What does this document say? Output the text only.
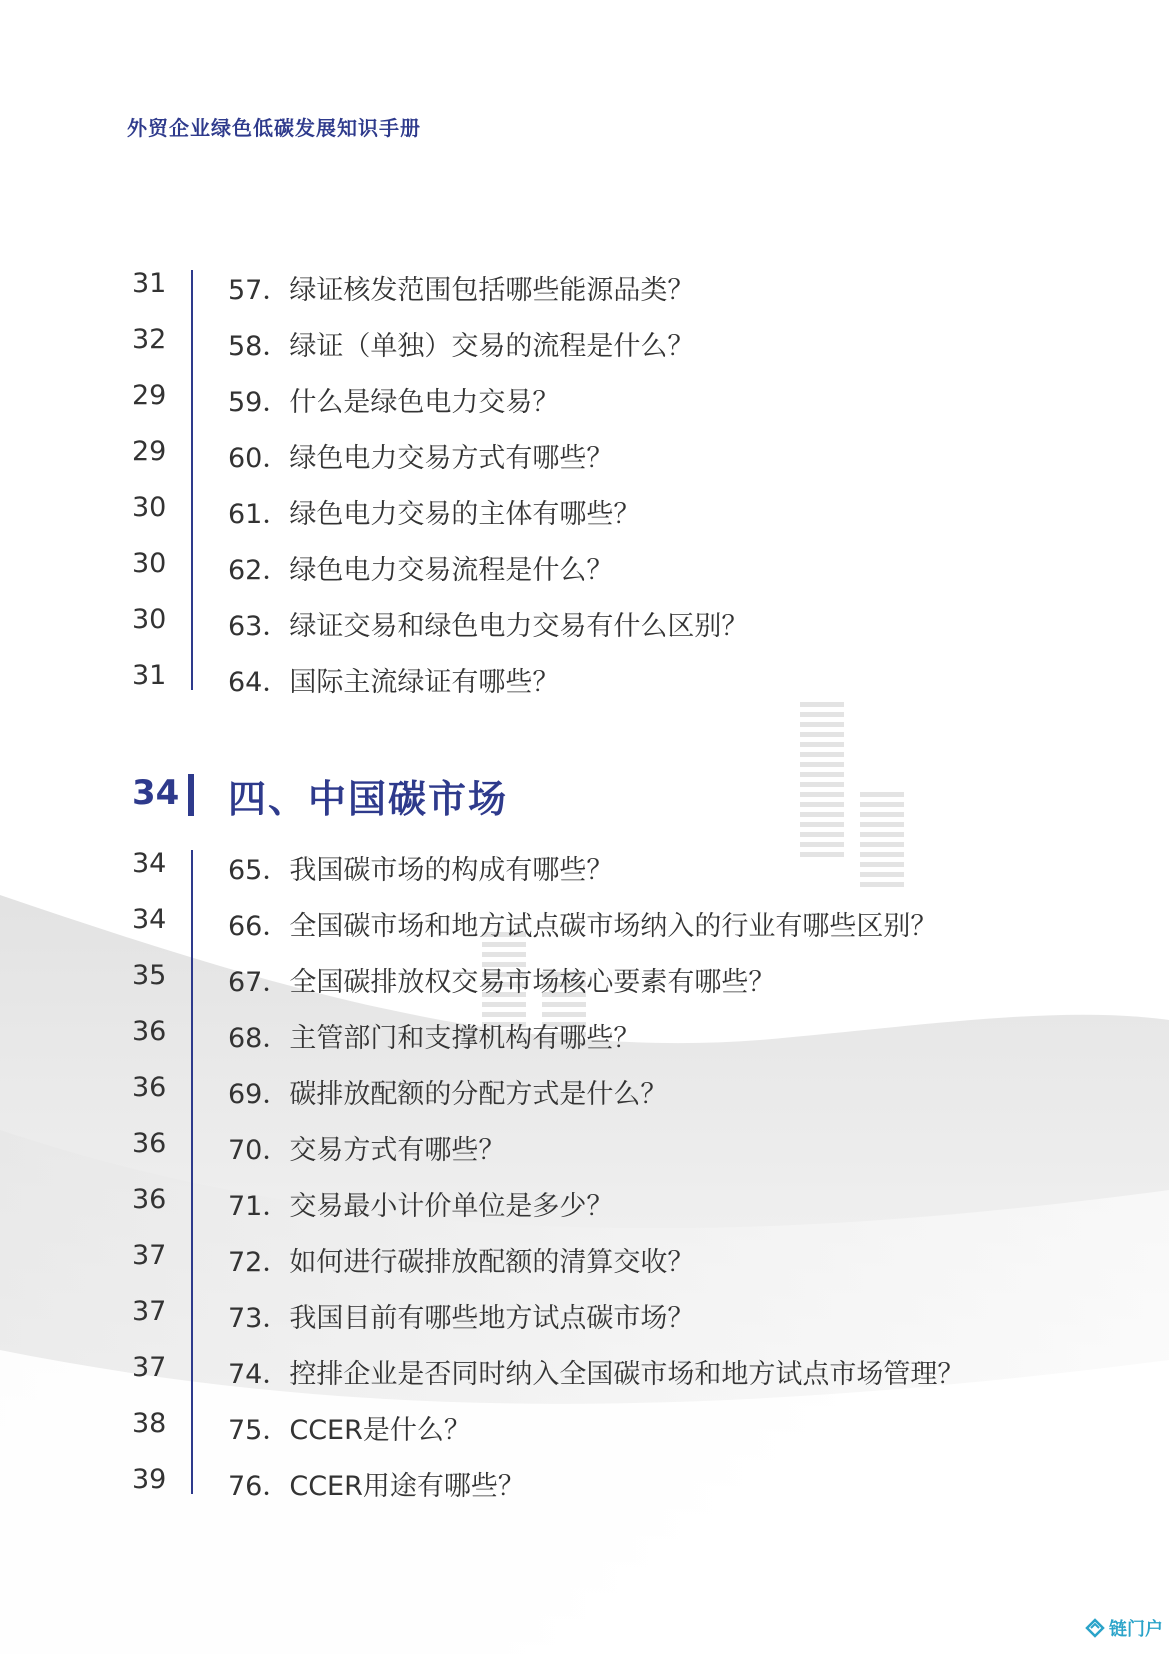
外贸企业绿色低碳发展知识手册
31	57．绿证核发范围包括哪些能源品类？
32	58．绿证（单独）交易的流程是什么？
29	59．什么是绿色电力交易？
29	60．绿色电力交易方式有哪些？
30	61．绿色电力交易的主体有哪些？
30	62．绿色电力交易流程是什么？
30	63．绿证交易和绿色电力交易有什么区别？
31	64．国际主流绿证有哪些？
34 四、中国碳市场
34	65．我国碳市场的构成有哪些？
34	66．全国碳市场和地方试点碳市场纳入的行业有哪些区别？
35	67．全国碳排放权交易市场核心要素有哪些？
36	68．主管部门和支撑机构有哪些？
36	69．碳排放配额的分配方式是什么？
36	70．交易方式有哪些？
36	71．交易最小计价单位是多少？
37	72．如何进行碳排放配额的清算交收？
37	73．我国目前有哪些地方试点碳市场？
37	74．控排企业是否同时纳入全国碳市场和地方试点市场管理？
38	75．CCER是什么？
39	76．CCER用途有哪些？
链门户
